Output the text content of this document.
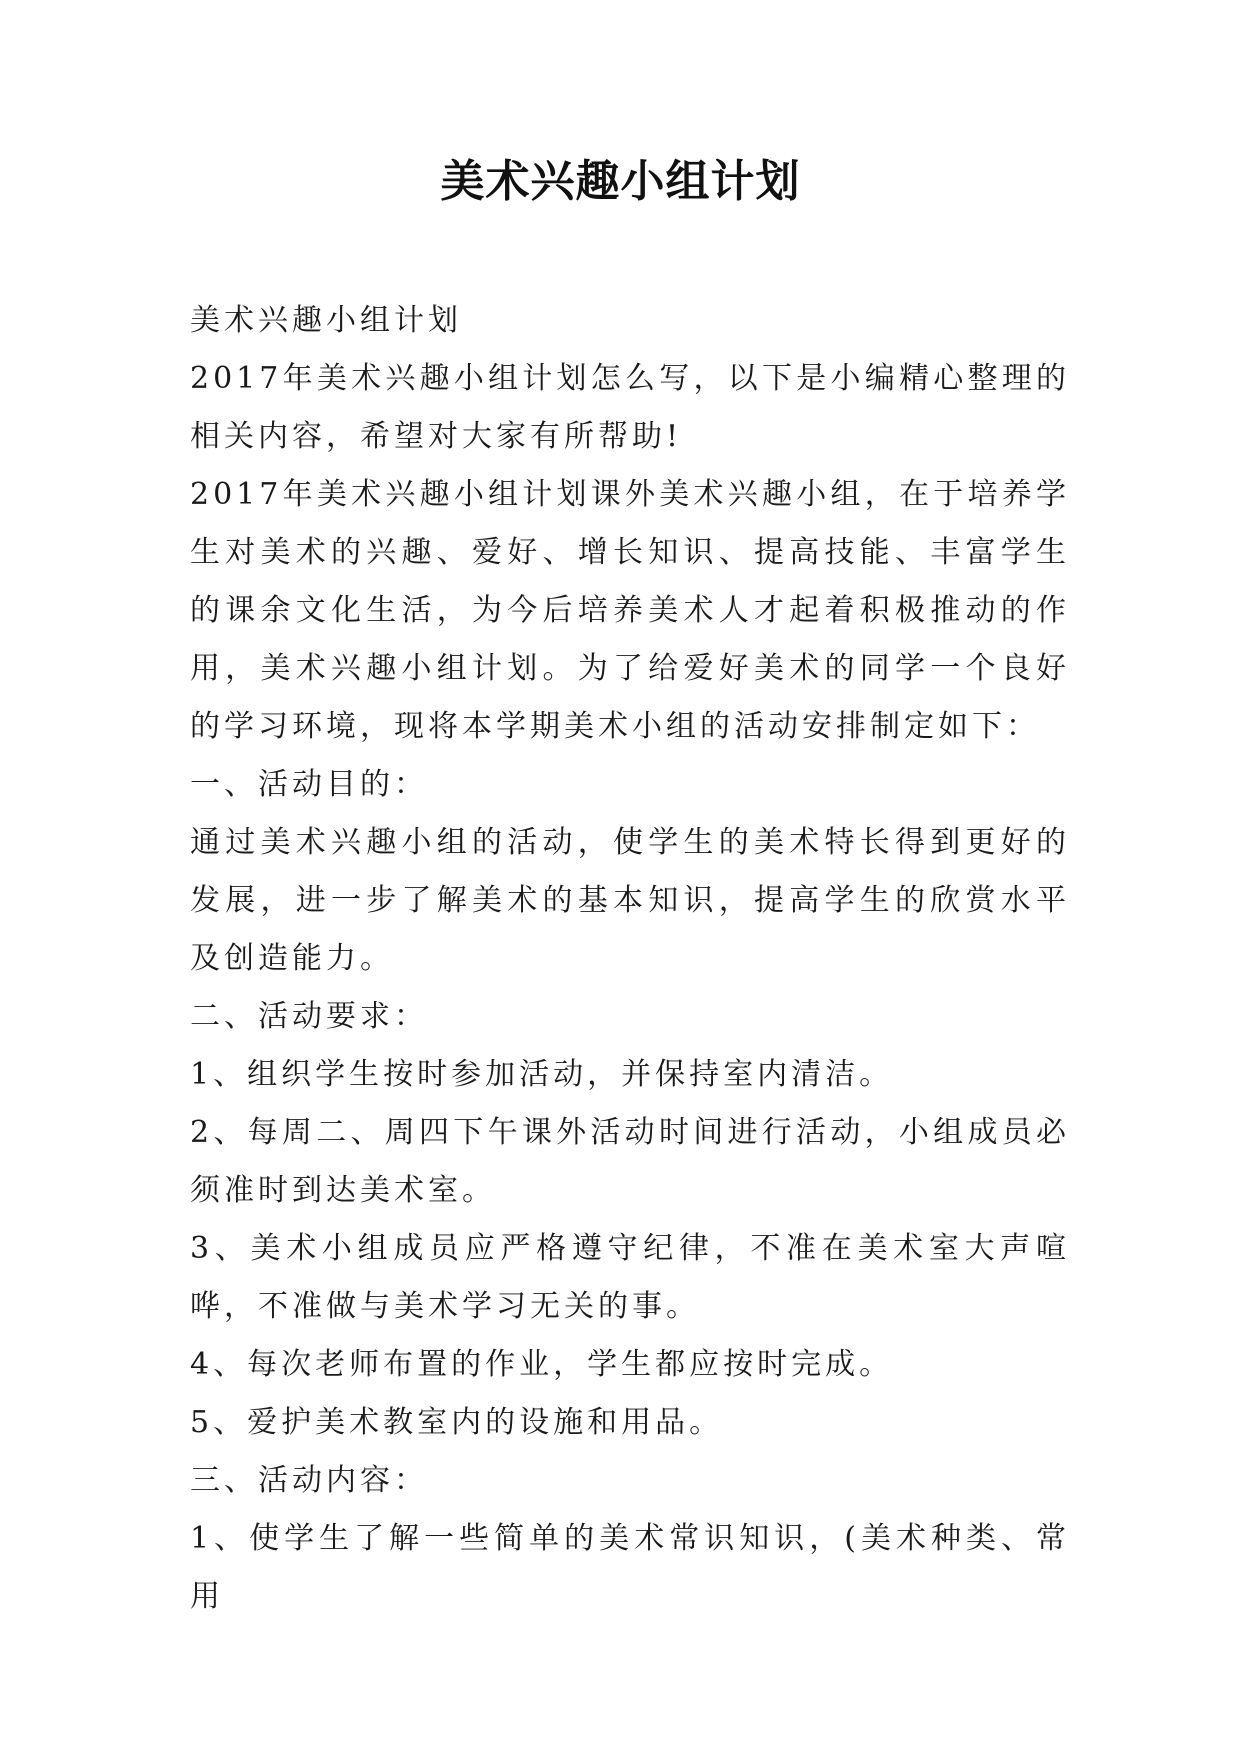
美术兴趣小组计划

美术兴趣小组计划

2017年美术兴趣小组计划怎么写，以下是小编精心整理的相关内容，希望对大家有所帮助!

2017年美术兴趣小组计划课外美术兴趣小组，在于培养学生对美术的兴趣、爱好、增长知识、提高技能、丰富学生的课余文化生活，为今后培养美术人才起着积极推动的作用，美术兴趣小组计划。为了给爱好美术的同学一个良好的学习环境，现将本学期美术小组的活动安排制定如下：

一、活动目的：

通过美术兴趣小组的活动，使学生的美术特长得到更好的发展，进一步了解美术的基本知识，提高学生的欣赏水平及创造能力。

二、活动要求：

1、组织学生按时参加活动，并保持室内清洁。

2、每周二、周四下午课外活动时间进行活动，小组成员必须准时到达美术室。

3、美术小组成员应严格遵守纪律，不准在美术室大声喧哗，不准做与美术学习无关的事。

4、每次老师布置的作业，学生都应按时完成。

5、爱护美术教室内的设施和用品。

三、活动内容：

1、使学生了解一些简单的美术常识知识，(美术种类、常用
